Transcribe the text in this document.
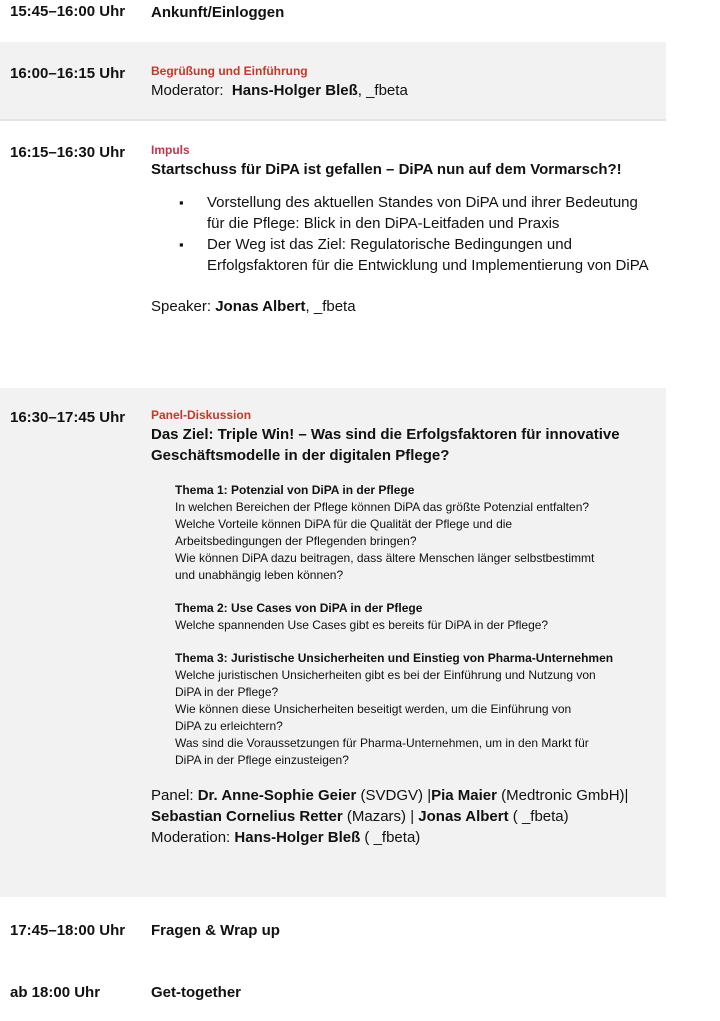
15:45–16:00 Uhr Ankunft/Einloggen
16:00–16:15 Uhr Begrüßung und Einführung
Moderator: Hans-Holger Bleß, _fbeta
16:15–16:30 Uhr Impuls
Startschuss für DiPA ist gefallen – DiPA nun auf dem Vormarsch?!
▪ Vorstellung des aktuellen Standes von DiPA und ihrer Bedeutung für die Pflege: Blick in den DiPA-Leitfaden und Praxis
▪ Der Weg ist das Ziel: Regulatorische Bedingungen und Erfolgsfaktoren für die Entwicklung und Implementierung von DiPA
Speaker: Jonas Albert, _fbeta
16:30–17:45 Uhr Panel-Diskussion
Das Ziel: Triple Win! – Was sind die Erfolgsfaktoren für innovative
Geschäftsmodelle in der digitalen Pflege?
Thema 1: Potenzial von DiPA in der Pflege
In welchen Bereichen der Pflege können DiPA das größte Potenzial entfalten?
Welche Vorteile können DiPA für die Qualität der Pflege und die
Arbeitsbedingungen der Pflegenden bringen?
Wie können DiPA dazu beitragen, dass ältere Menschen länger selbstbestimmt
und unabhängig leben können?
Thema 2: Use Cases von DiPA in der Pflege
Welche spannenden Use Cases gibt es bereits für DiPA in der Pflege?
Thema 3: Juristische Unsicherheiten und Einstieg von Pharma-Unternehmen
Welche juristischen Unsicherheiten gibt es bei der Einführung und Nutzung von
DiPA in der Pflege?
Wie können diese Unsicherheiten beseitigt werden, um die Einführung von
DiPA zu erleichtern?
Was sind die Voraussetzungen für Pharma-Unternehmen, um in den Markt für
DiPA in der Pflege einzusteigen?
Panel: Dr. Anne-Sophie Geier (SVDGV) |Pia Maier (Medtronic GmbH)|
Sebastian Cornelius Retter (Mazars) | Jonas Albert ( _fbeta)
Moderation: Hans-Holger Bleß ( _fbeta)
17:45–18:00 Uhr Fragen & Wrap up
ab 18:00 Uhr	Get-together
